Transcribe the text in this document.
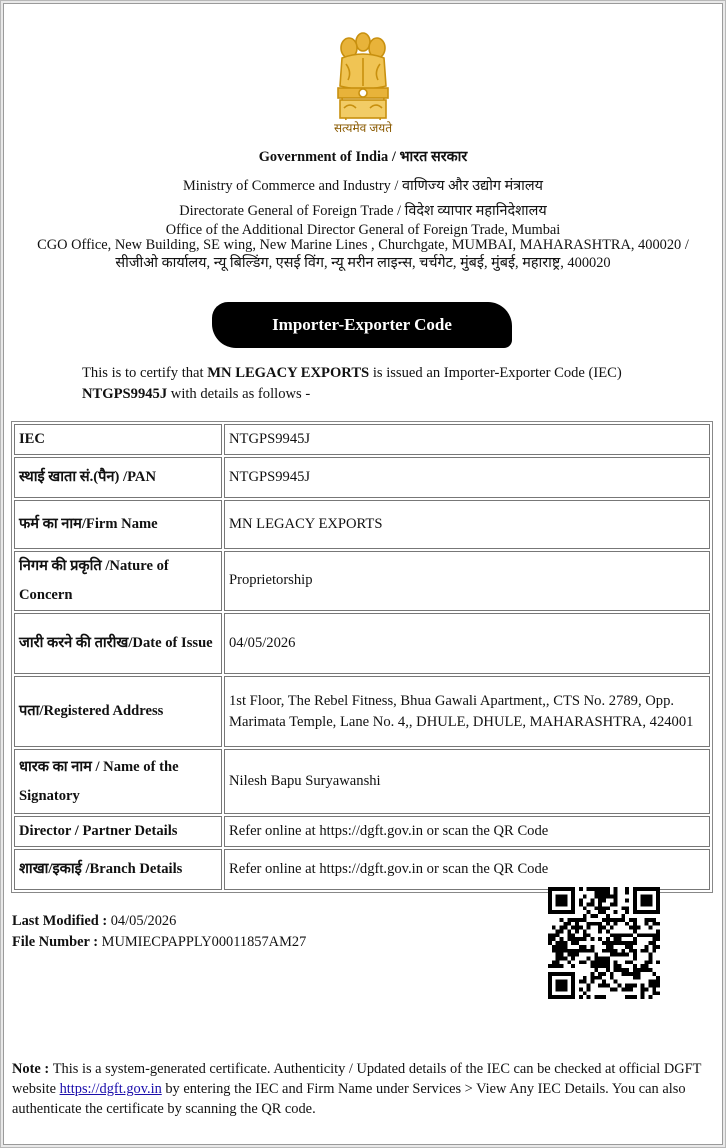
सत्यमेव जयते
Government of India / भारत सरकार
Ministry of Commerce and Industry / वाणिज्य और उद्योग मंत्रालय
Directorate General of Foreign Trade / विदेश व्यापार महानिदेशालय
Office of the Additional Director General of Foreign Trade, Mumbai
CGO Office, New Building, SE wing, New Marine Lines , Churchgate, MUMBAI, MAHARASHTRA, 400020 / सीजीओ कार्यालय, न्यू बिल्डिंग, एसई विंग, न्यू मरीन लाइन्स, चर्चगेट, मुंबई, मुंबई, महाराष्ट्र, 400020
Importer-Exporter Code
This is to certify that MN LEGACY EXPORTS is issued an Importer-Exporter Code (IEC) NTGPS9945J with details as follows -
IEC	NTGPS9945J
स्थाई खाता सं.(पैन) /PAN	NTGPS9945J
फर्म का नाम/Firm Name	MN LEGACY EXPORTS
निगम की प्रकृति /Nature of Concern	Proprietorship
जारी करने की तारीख/Date of Issue	04/05/2026
पता/Registered Address	1st Floor, The Rebel Fitness, Bhua Gawali Apartment,, CTS No. 2789, Opp. Marimata Temple, Lane No. 4,, DHULE, DHULE, MAHARASHTRA, 424001
धारक का नाम / Name of the Signatory	Nilesh Bapu Suryawanshi
Director / Partner Details	Refer online at https://dgft.gov.in or scan the QR Code
शाखा/इकाई /Branch Details	Refer online at https://dgft.gov.in or scan the QR Code
Last Modified : 04/05/2026
File Number : MUMIECPAPPLY00011857AM27
Note : This is a system-generated certificate. Authenticity / Updated details of the IEC can be checked at official DGFT website https://dgft.gov.in by entering the IEC and Firm Name under Services > View Any IEC Details. You can also authenticate the certificate by scanning the QR code.
